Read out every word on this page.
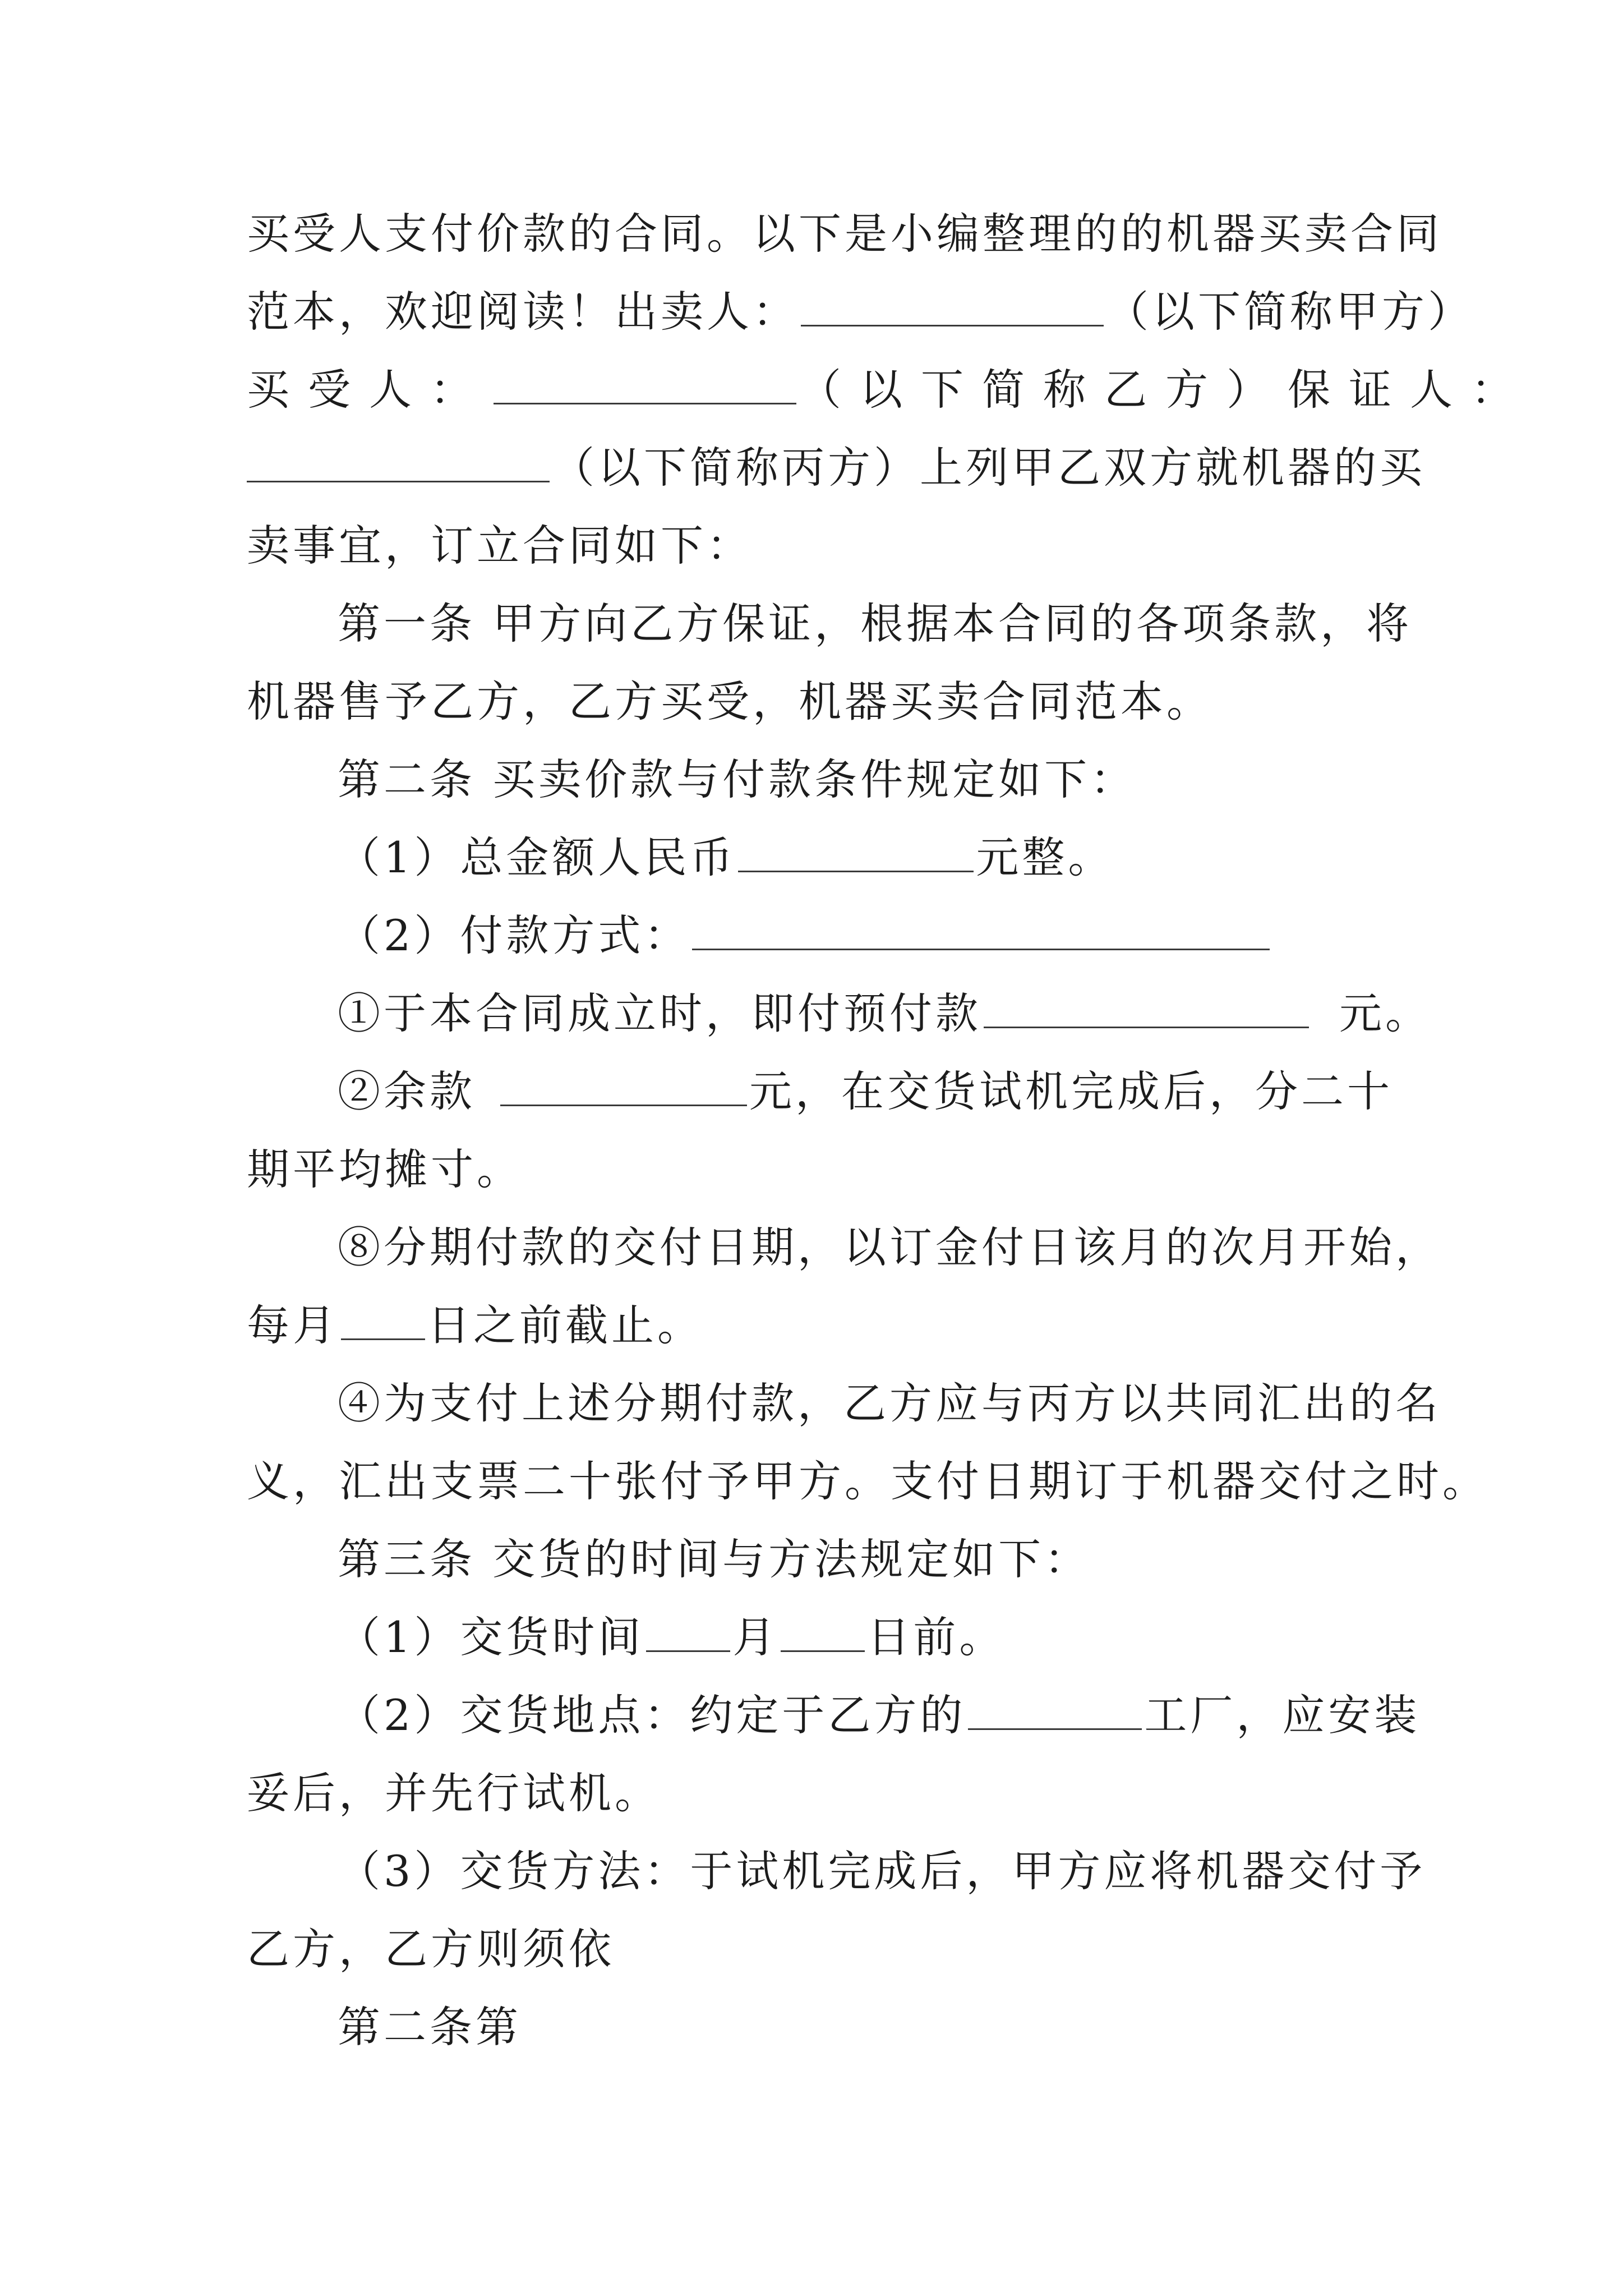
买受人支付价款的合同。以下是小编整理的的机器买卖合同
范本，欢迎阅读！出卖人：	（以下简称甲方）
买受人：	（以下简称乙方）保证人：
（以下简称丙方）上列甲乙双方就机器的买
卖事宜，订立合同如下：
第一条 甲方向乙方保证，根据本合同的各项条款，将
机器售予乙方，乙方买受，机器买卖合同范本。
第二条 买卖价款与付款条件规定如下：
（1）总金额人民币	元整。
（2）付款方式：
①于本合同成立时，即付预付款	元。
②余款	元，在交货试机完成后，分二十
期平均摊寸。
⑧分期付款的交付日期，以订金付日该月的次月开始，
每月 日之前截止。
④为支付上述分期付款，乙方应与丙方以共同汇出的名
义，汇出支票二十张付予甲方。支付日期订于机器交付之时。
第三条 交货的时间与方法规定如下：
（1）交货时间 月 日前。
（2）交货地点：约定于乙方的	工厂，应安装
妥后，并先行试机。
（3）交货方法：于试机完成后，甲方应将机器交付予
乙方，乙方则须依
第二条第
